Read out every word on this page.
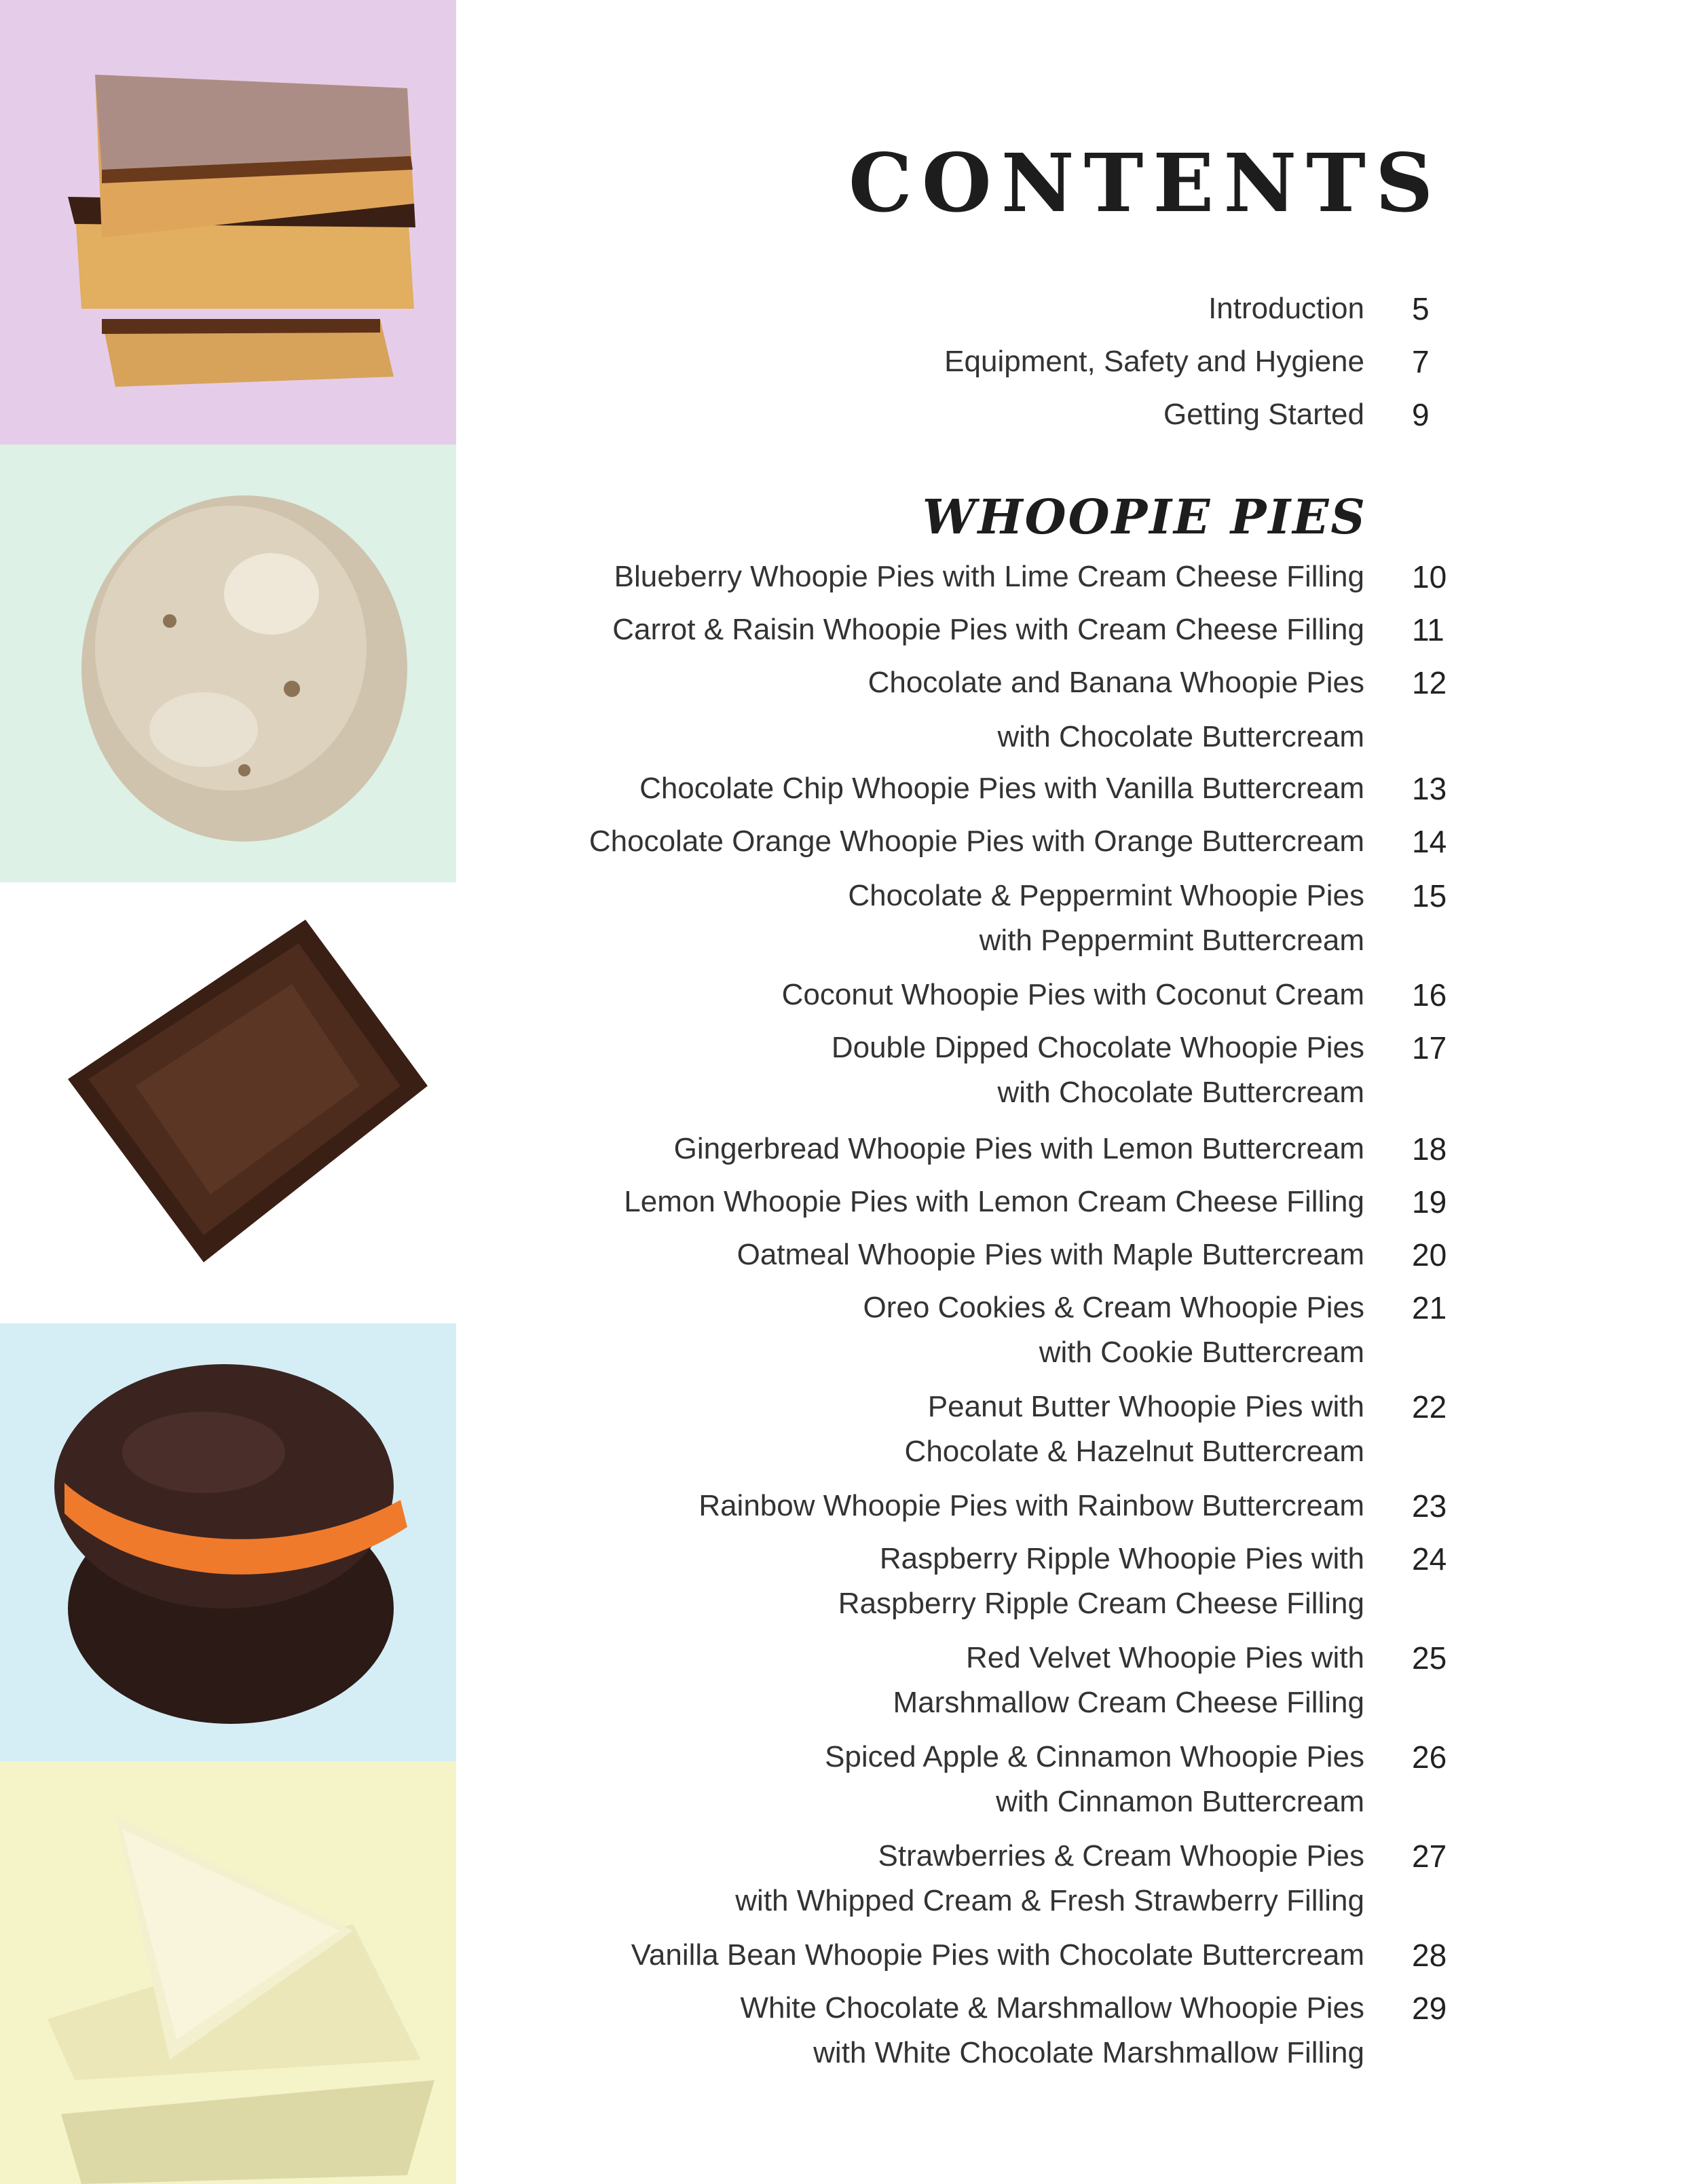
CONTENTS
WHOOPIE PIES
Introduction 5
Equipment, Safety and Hygiene 7
Getting Started 9
Blueberry Whoopie Pies with Lime Cream Cheese Filling 10
Carrot & Raisin Whoopie Pies with Cream Cheese Filling 11
Chocolate and Banana Whoopie Pies
with Chocolate Buttercream
12
Chocolate Chip Whoopie Pies with Vanilla Buttercream 13
Chocolate Orange Whoopie Pies with Orange Buttercream 14
Chocolate & Peppermint Whoopie Pies
with Peppermint Buttercream
15
Coconut Whoopie Pies with Coconut Cream 16
Double Dipped Chocolate Whoopie Pies
with Chocolate Buttercream
17
Gingerbread Whoopie Pies with Lemon Buttercream 18
Lemon Whoopie Pies with Lemon Cream Cheese Filling 19
Oatmeal Whoopie Pies with Maple Buttercream 20
Oreo Cookies & Cream Whoopie Pies
with Cookie Buttercream
21
Peanut Butter Whoopie Pies with
Chocolate & Hazelnut Buttercream
22
Rainbow Whoopie Pies with Rainbow Buttercream 23
Raspberry Ripple Whoopie Pies with
Raspberry Ripple Cream Cheese Filling
24
Red Velvet Whoopie Pies with
Marshmallow Cream Cheese Filling
25
Spiced Apple & Cinnamon Whoopie Pies
with Cinnamon Buttercream
26
Strawberries & Cream Whoopie Pies
with Whipped Cream & Fresh Strawberry Filling
27
Vanilla Bean Whoopie Pies with Chocolate Buttercream 28
White Chocolate & Marshmallow Whoopie Pies
with White Chocolate Marshmallow Filling
29
